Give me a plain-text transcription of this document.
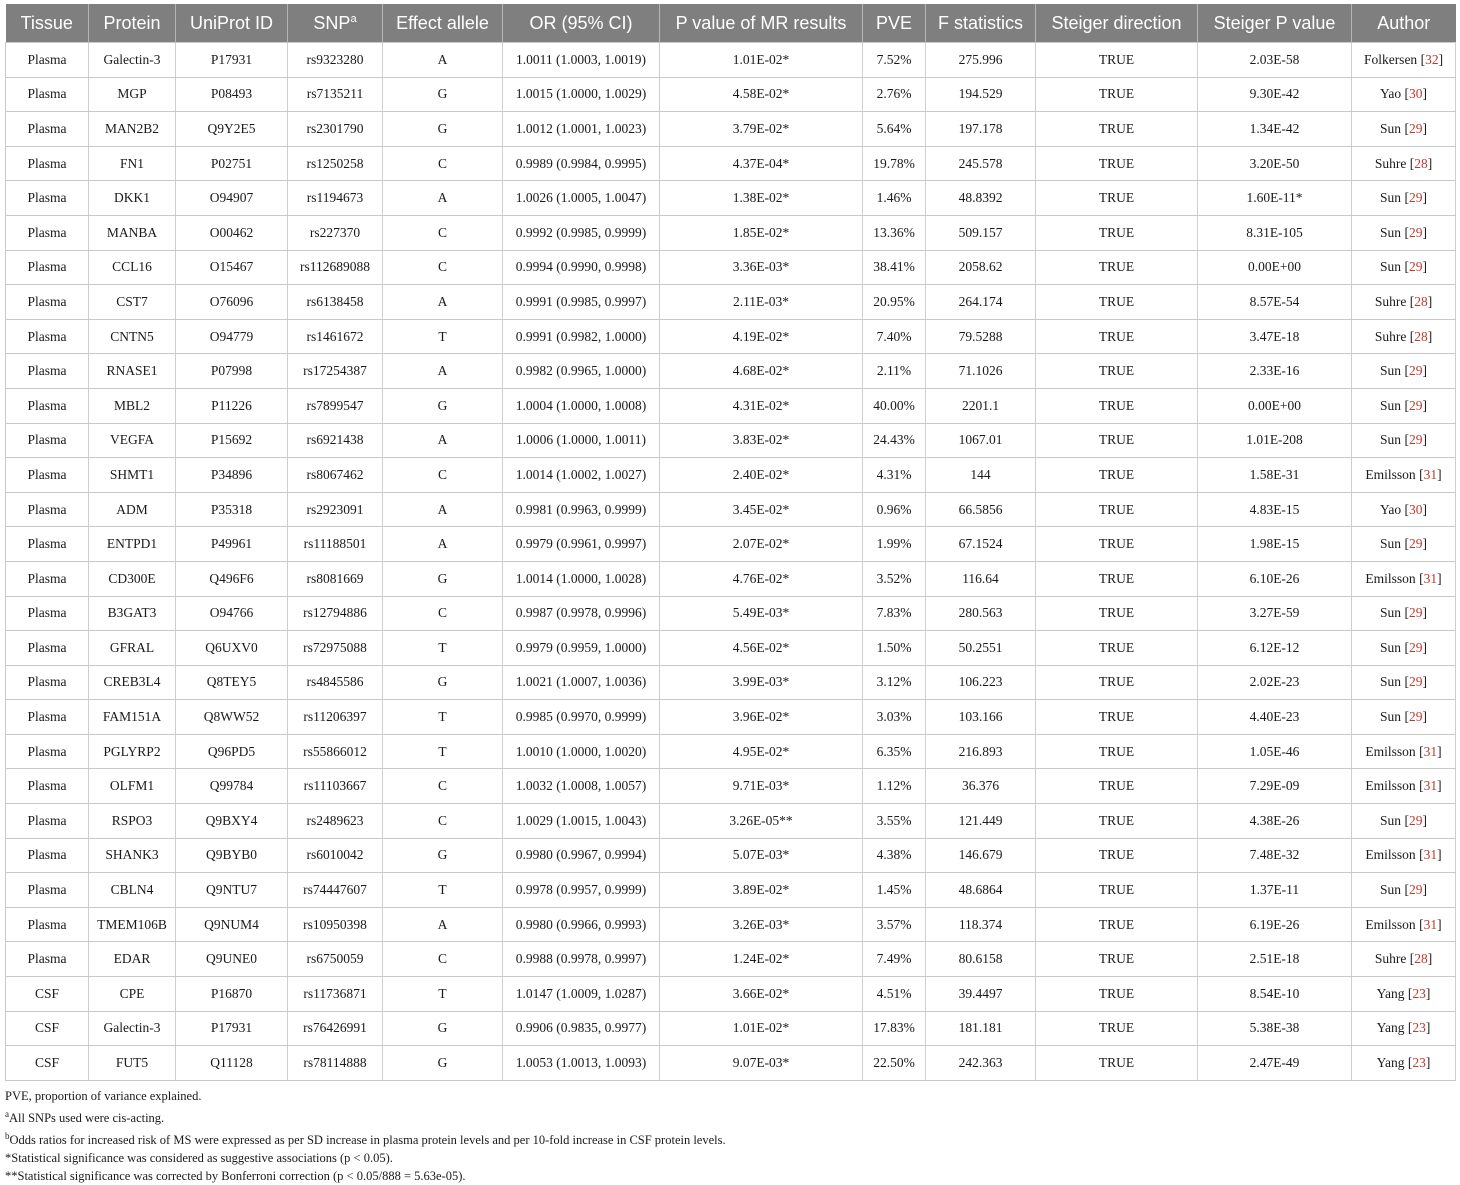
Tissue	Protein	UniProt ID	SNP$^a$	Effect allele	OR (95% CI)	P value of MR results	PVE	F statistics	Steiger direction	Steiger P value	Author
Plasma	Galectin-3	P17931	rs9323280	A	1.0011 (1.0003, 1.0019)	1.01E-02*	7.52%	275.996	TRUE	2.03E-58	Folkersen [32]
Plasma	MGP	P08493	rs7135211	G	1.0015 (1.0000, 1.0029)	4.58E-02*	2.76%	194.529	TRUE	9.30E-42	Yao [30]
Plasma	MAN2B2	Q9Y2E5	rs2301790	G	1.0012 (1.0001, 1.0023)	3.79E-02*	5.64%	197.178	TRUE	1.34E-42	Sun [29]
Plasma	FN1	P02751	rs1250258	C	0.9989 (0.9984, 0.9995)	4.37E-04*	19.78%	245.578	TRUE	3.20E-50	Suhre [28]
Plasma	DKK1	O94907	rs1194673	A	1.0026 (1.0005, 1.0047)	1.38E-02*	1.46%	48.8392	TRUE	1.60E-11*	Sun [29]
Plasma	MANBA	O00462	rs227370	C	0.9992 (0.9985, 0.9999)	1.85E-02*	13.36%	509.157	TRUE	8.31E-105	Sun [29]
Plasma	CCL16	O15467	rs112689088	C	0.9994 (0.9990, 0.9998)	3.36E-03*	38.41%	2058.62	TRUE	0.00E+00	Sun [29]
Plasma	CST7	O76096	rs6138458	A	0.9991 (0.9985, 0.9997)	2.11E-03*	20.95%	264.174	TRUE	8.57E-54	Suhre [28]
Plasma	CNTN5	O94779	rs1461672	T	0.9991 (0.9982, 1.0000)	4.19E-02*	7.40%	79.5288	TRUE	3.47E-18	Suhre [28]
Plasma	RNASE1	P07998	rs17254387	A	0.9982 (0.9965, 1.0000)	4.68E-02*	2.11%	71.1026	TRUE	2.33E-16	Sun [29]
Plasma	MBL2	P11226	rs7899547	G	1.0004 (1.0000, 1.0008)	4.31E-02*	40.00%	2201.1	TRUE	0.00E+00	Sun [29]
Plasma	VEGFA	P15692	rs6921438	A	1.0006 (1.0000, 1.0011)	3.83E-02*	24.43%	1067.01	TRUE	1.01E-208	Sun [29]
Plasma	SHMT1	P34896	rs8067462	C	1.0014 (1.0002, 1.0027)	2.40E-02*	4.31%	144	TRUE	1.58E-31	Emilsson [31]
Plasma	ADM	P35318	rs2923091	A	0.9981 (0.9963, 0.9999)	3.45E-02*	0.96%	66.5856	TRUE	4.83E-15	Yao [30]
Plasma	ENTPD1	P49961	rs11188501	A	0.9979 (0.9961, 0.9997)	2.07E-02*	1.99%	67.1524	TRUE	1.98E-15	Sun [29]
Plasma	CD300E	Q496F6	rs8081669	G	1.0014 (1.0000, 1.0028)	4.76E-02*	3.52%	116.64	TRUE	6.10E-26	Emilsson [31]
Plasma	B3GAT3	O94766	rs12794886	C	0.9987 (0.9978, 0.9996)	5.49E-03*	7.83%	280.563	TRUE	3.27E-59	Sun [29]
Plasma	GFRAL	Q6UXV0	rs72975088	T	0.9979 (0.9959, 1.0000)	4.56E-02*	1.50%	50.2551	TRUE	6.12E-12	Sun [29]
Plasma	CREB3L4	Q8TEY5	rs4845586	G	1.0021 (1.0007, 1.0036)	3.99E-03*	3.12%	106.223	TRUE	2.02E-23	Sun [29]
Plasma	FAM151A	Q8WW52	rs11206397	T	0.9985 (0.9970, 0.9999)	3.96E-02*	3.03%	103.166	TRUE	4.40E-23	Sun [29]
Plasma	PGLYRP2	Q96PD5	rs55866012	T	1.0010 (1.0000, 1.0020)	4.95E-02*	6.35%	216.893	TRUE	1.05E-46	Emilsson [31]
Plasma	OLFM1	Q99784	rs11103667	C	1.0032 (1.0008, 1.0057)	9.71E-03*	1.12%	36.376	TRUE	7.29E-09	Emilsson [31]
Plasma	RSPO3	Q9BXY4	rs2489623	C	1.0029 (1.0015, 1.0043)	3.26E-05**	3.55%	121.449	TRUE	4.38E-26	Sun [29]
Plasma	SHANK3	Q9BYB0	rs6010042	G	0.9980 (0.9967, 0.9994)	5.07E-03*	4.38%	146.679	TRUE	7.48E-32	Emilsson [31]
Plasma	CBLN4	Q9NTU7	rs74447607	T	0.9978 (0.9957, 0.9999)	3.89E-02*	1.45%	48.6864	TRUE	1.37E-11	Sun [29]
Plasma	TMEM106B	Q9NUM4	rs10950398	A	0.9980 (0.9966, 0.9993)	3.26E-03*	3.57%	118.374	TRUE	6.19E-26	Emilsson [31]
Plasma	EDAR	Q9UNE0	rs6750059	C	0.9988 (0.9978, 0.9997)	1.24E-02*	7.49%	80.6158	TRUE	2.51E-18	Suhre [28]
CSF	CPE	P16870	rs11736871	T	1.0147 (1.0009, 1.0287)	3.66E-02*	4.51%	39.4497	TRUE	8.54E-10	Yang [23]
CSF	Galectin-3	P17931	rs76426991	G	0.9906 (0.9835, 0.9977)	1.01E-02*	17.83%	181.181	TRUE	5.38E-38	Yang [23]
CSF	FUT5	Q11128	rs78114888	G	1.0053 (1.0013, 1.0093)	9.07E-03*	22.50%	242.363	TRUE	2.47E-49	Yang [23]
PVE, proportion of variance explained.
$^a$All SNPs used were cis-acting.
$^b$Odds ratios for increased risk of MS were expressed as per SD increase in plasma protein levels and per 10-fold increase in CSF protein levels.
*Statistical significance was considered as suggestive associations (p < 0.05).
**Statistical significance was corrected by Bonferroni correction (p < 0.05/888 = 5.63e-05).
